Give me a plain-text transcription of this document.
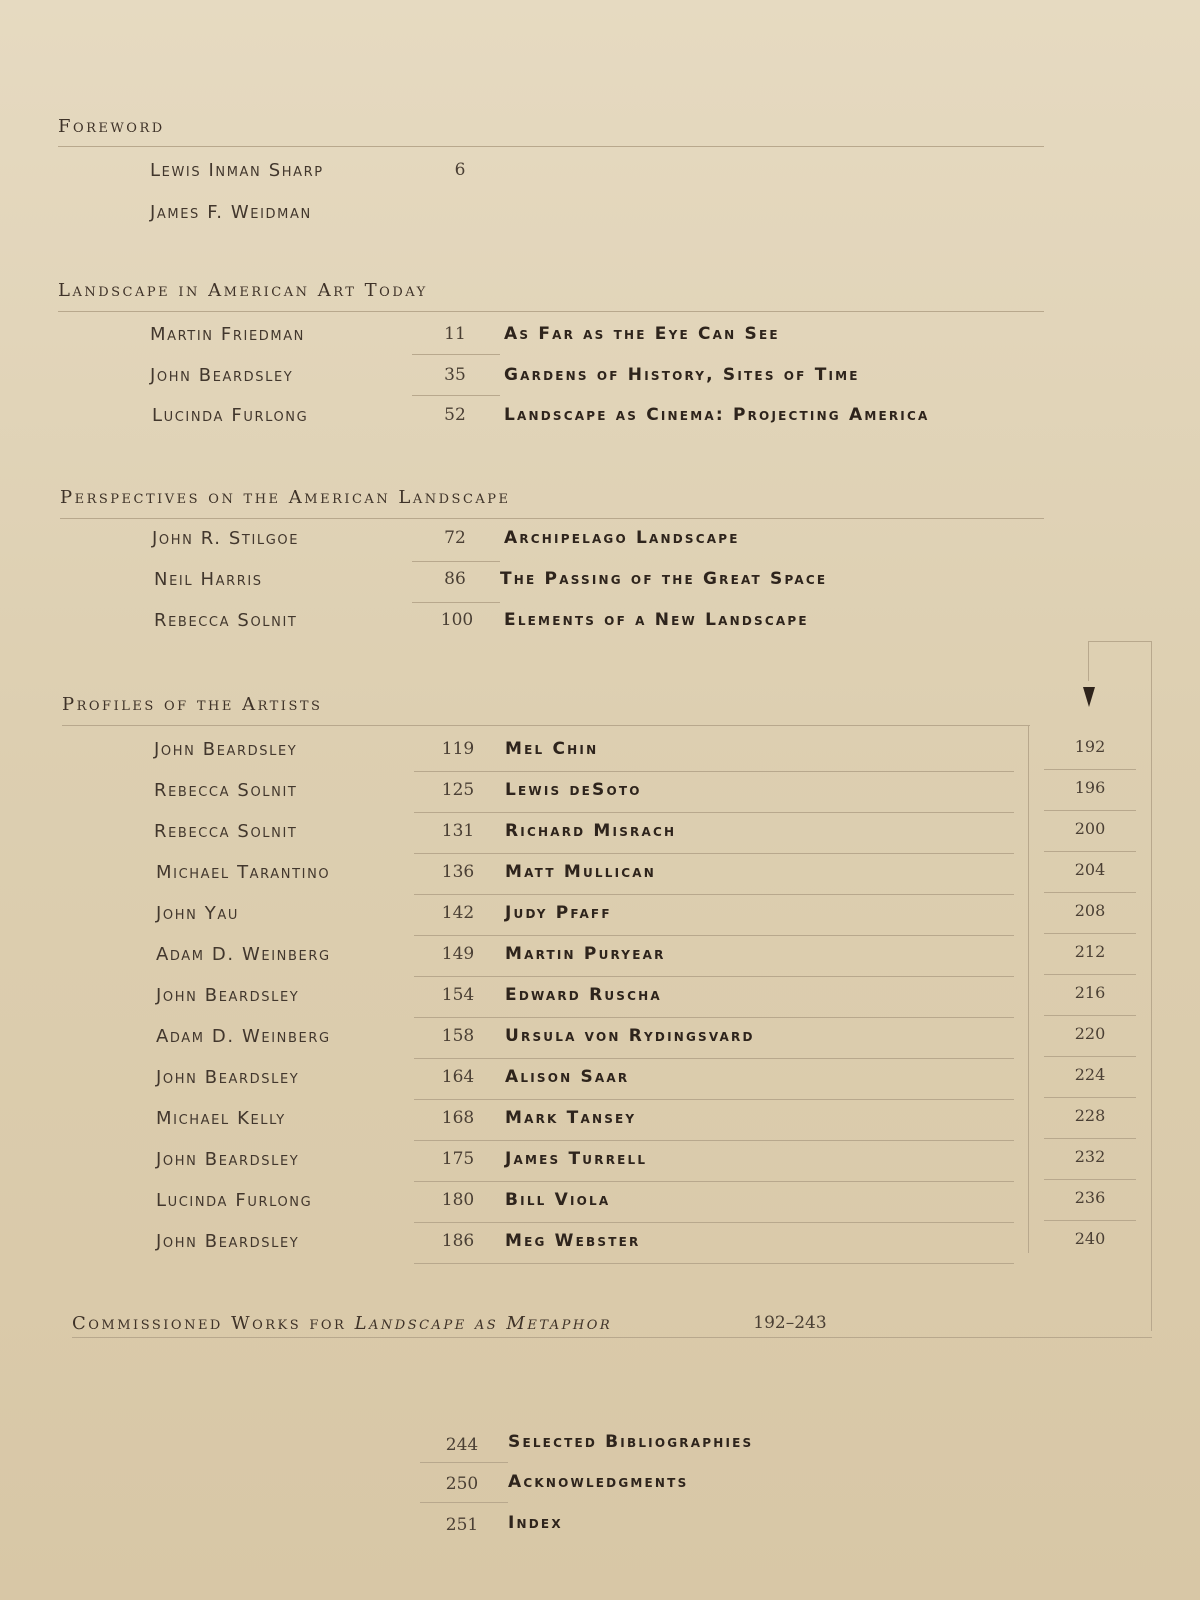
Foreword
Lewis Inman Sharp	6
James F. Weidman
Landscape in American Art Today
Martin Friedman	11	As Far as the Eye Can See
John Beardsley	35	Gardens of History, Sites of Time
Lucinda Furlong	52	Landscape as Cinema: Projecting America
Perspectives on the American Landscape
John R. Stilgoe	72	Archipelago Landscape
Neil Harris	86	The Passing of the Great Space
Rebecca Solnit	100	Elements of a New Landscape
Profiles of the Artists
John Beardsley	119	Mel Chin	192
Rebecca Solnit	125	Lewis deSoto	196
Rebecca Solnit	131	Richard Misrach	200
Michael Tarantino	136	Matt Mullican	204
John Yau	142	Judy Pfaff	208
Adam D. Weinberg	149	Martin Puryear	212
John Beardsley	154	Edward Ruscha	216
Adam D. Weinberg	158	Ursula von Rydingsvard	220
John Beardsley	164	Alison Saar	224
Michael Kelly	168	Mark Tansey	228
John Beardsley	175	James Turrell	232
Lucinda Furlong	180	Bill Viola	236
John Beardsley	186	Meg Webster	240
Commissioned Works for Landscape as Metaphor	192–243
244	Selected Bibliographies
250	Acknowledgments
251	Index
